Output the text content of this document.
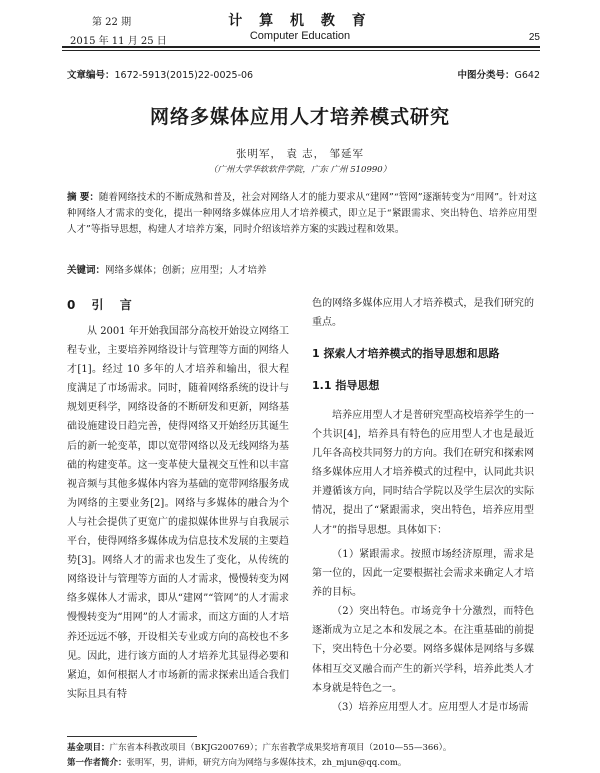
第 22 期
2015 年 11 月 25 日
计 算 机 教 育
Computer Education	25
文章编号：1672-5913(2015)22-0025-06	中图分类号：G642
网络多媒体应用人才培养模式研究
张明军， 袁 志， 邹延军
（广州大学华软软件学院，广东 广州 510990）
摘 要：随着网络技术的不断成熟和普及，社会对网络人才的能力要求从“建网”“管网”逐渐转变为“用网”。针对这种网络人才需求的变化，提出一种网络多媒体应用人才培养模式，即立足于“紧跟需求、突出特色、培养应用型人才”等指导思想，构建人才培养方案，同时介绍该培养方案的实践过程和效果。
关键词：网络多媒体；创新；应用型；人才培养
0 引 言

从 2001 年开始我国部分高校开始设立网络工程专业，主要培养网络设计与管理等方面的网络人才[1]。经过 10 多年的人才培养和输出，很大程度满足了市场需求。同时，随着网络系统的设计与规划更科学，网络设备的不断研发和更新，网络基础设施建设日趋完善，使得网络又开始经历其诞生后的新一轮变革，即以宽带网络以及无线网络为基础的构建变革。这一变革使大量视交互性和以丰富视音频与其他多媒体内容为基础的宽带网络服务成为网络的主要业务[2]。网络与多媒体的融合为个人与社会提供了更宽广的虚拟媒体世界与自我展示平台，使得网络多媒体成为信息技术发展的主要趋势[3]。网络人才的需求也发生了变化，从传统的网络设计与管理等方面的人才需求，慢慢转变为网络多媒体人才需求，即从“建网”“管网”的人才需求慢慢转变为“用网”的人才需求，而这方面的人才培养还远远不够，开设相关专业或方向的高校也不多见。因此，进行该方面的人才培养尤其显得必要和紧迫，如何根据人才市场新的需求探索出适合我们实际且具有特

色的网络多媒体应用人才培养模式，是我们研究的重点。

1 探索人才培养模式的指导思想和思路
1.1 指导思想

培养应用型人才是普研究型高校培养学生的一个共识[4]，培养具有特色的应用型人才也是最近几年各高校共同努力的方向。我们在研究和探索网络多媒体应用人才培养模式的过程中，认同此共识并遵循该方向，同时结合学院以及学生层次的实际情况，提出了“紧跟需求，突出特色，培养应用型人才”的指导思想。具体如下：

（1）紧跟需求。按照市场经济原理，需求是第一位的，因此一定要根据社会需求来确定人才培养的目标。

（2）突出特色。市场竞争十分激烈，而特色逐渐成为立足之本和发展之本。在注重基础的前提下，突出特色十分必要。网络多媒体是网络与多媒体相互交叉融合而产生的新兴学科，培养此类人才本身就是特色之一。

（3）培养应用型人才。应用型人才是市场需

基金项目：广东省本科教改项目（BKJG200769）；广东省教学成果奖培育项目（2010—55—366）。
第一作者简介：张明军，男，讲师，研究方向为网络与多媒体技术，zh_mjun@qq.com。
